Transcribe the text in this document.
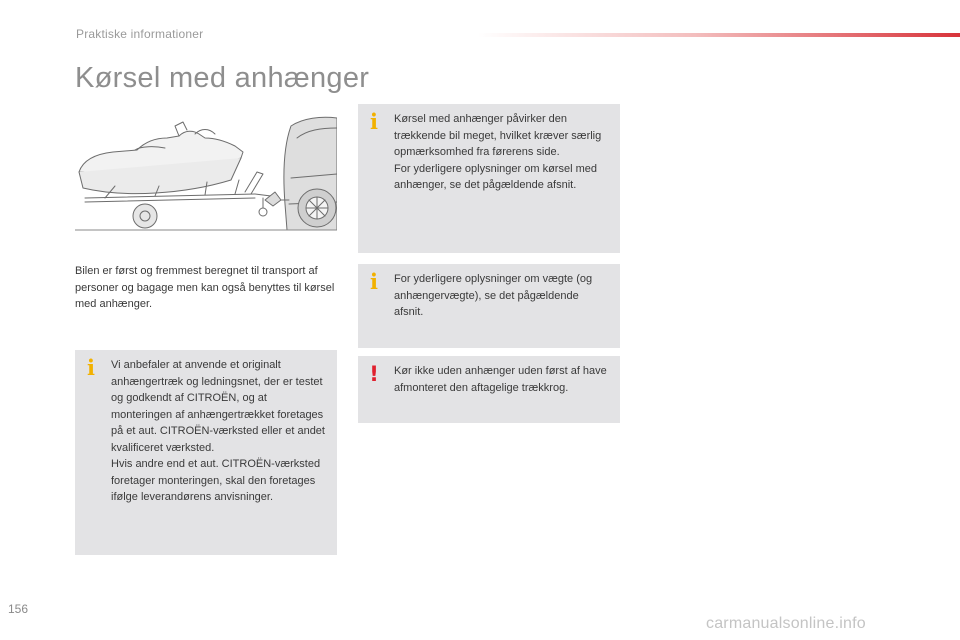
Praktiske informationer
Kørsel med anhænger

Bilen er først og fremmest beregnet til transport af personer og bagage men kan også benyttes til kørsel med anhænger.

i Vi anbefaler at anvende et originalt anhængertræk og ledningsnet, der er testet og godkendt af CITROËN, og at monteringen af anhængertrækket foretages på et aut. CITROËN-værksted eller et andet kvalificeret værksted.

Hvis andre end et aut. CITROËN-værksted foretager monteringen, skal den foretages ifølge leverandørens anvisninger.

i Kørsel med anhænger påvirker den trækkende bil meget, hvilket kræver særlig opmærksomhed fra førerens side.

For yderligere oplysninger om kørsel med anhænger, se det pågældende afsnit.

i For yderligere oplysninger om vægte (og anhængervægte), se det pågældende afsnit.

! Kør ikke uden anhænger uden først af have afmonteret den aftagelige trækkrog.

156
carmanualsonline.info
